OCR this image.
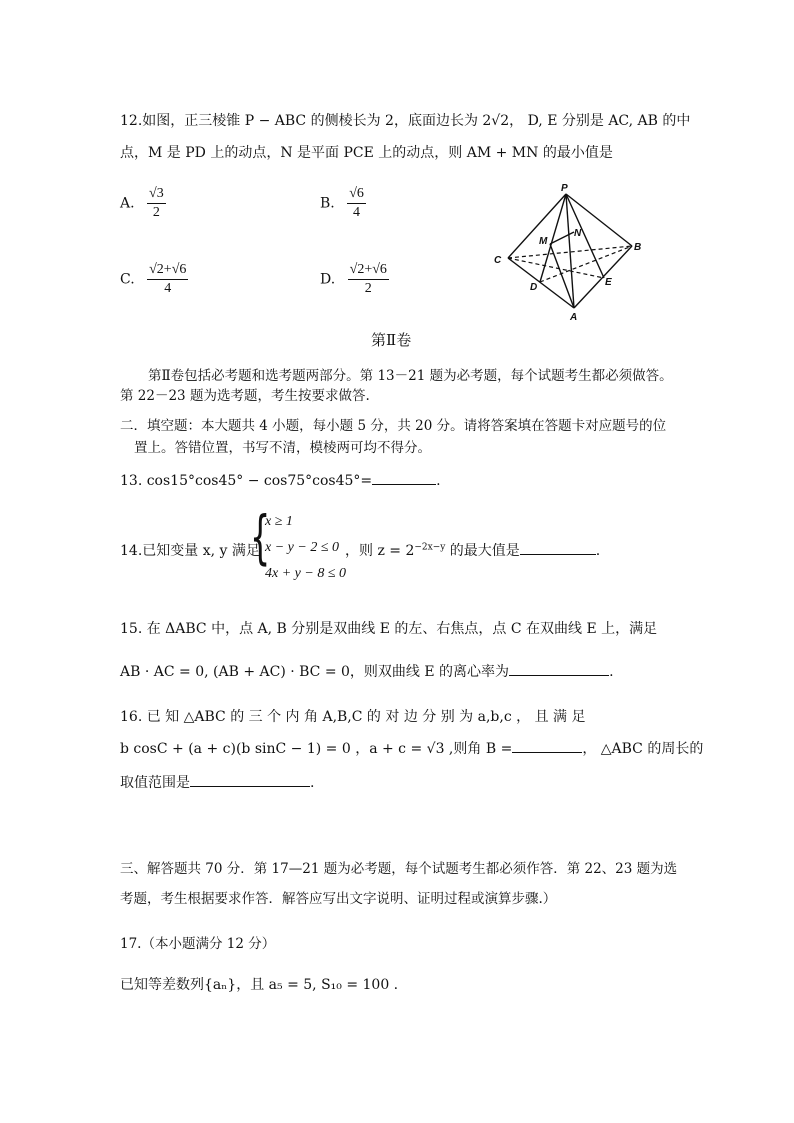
12.如图，正三棱锥 P − ABC 的侧棱长为 2，底面边长为 2√2， D, E 分别是 AC, AB 的中
点，M 是 PD 上的动点，N 是平面 PCE 上的动点，则 AM + MN 的最小值是
A. $\frac{√3}{2}$	B. $\frac{√6}{4}$
C. $\frac{√2+√6}{4}$	D. $\frac{√2+√6}{2}$
P
M
N
B
C
D	E
A
第Ⅱ卷
第Ⅱ卷包括必考题和选考题两部分。第 13－21 题为必考题，每个试题考生都必须做答。
第 22－23 题为选考题，考生按要求做答.
二．填空题：本大题共 4 小题，每小题 5 分，共 20 分。请将答案填在答题卡对应题号的位
置上。答错位置，书写不清，模棱两可均不得分。
13. cos15°cos45° − cos75°cos45°=	.
14.已知变量 x, y 满足
{
x ≥ 1
x − y − 2 ≤ 0
4x + y − 8 ≤ 0
，则 $z = 2^{-2x-y}$ 的最大值是	.
15. 在 ΔABC 中，点 A, B 分别是双曲线 E 的左、右焦点，点 C 在双曲线 E 上，满足
AB · AC = 0, (AB + AC) · BC = 0，则双曲线 E 的离心率为	.
16. 已 知 △ABC 的 三 个 内 角 A,B,C 的 对 边 分 别 为 a,b,c ， 且 满 足
b cosC + (a + c)(b sinC − 1) = 0 ，a + c = √3 ,则角 B =	， △ABC 的周长的
取值范围是	.
三、解答题共 70 分．第 17—21 题为必考题，每个试题考生都必须作答．第 22、23 题为选
考题，考生根据要求作答．解答应写出文字说明、证明过程或演算步骤.）
17.（本小题满分 12 分）
已知等差数列{aₙ}，且 a₅ = 5, S₁₀ = 100 .
